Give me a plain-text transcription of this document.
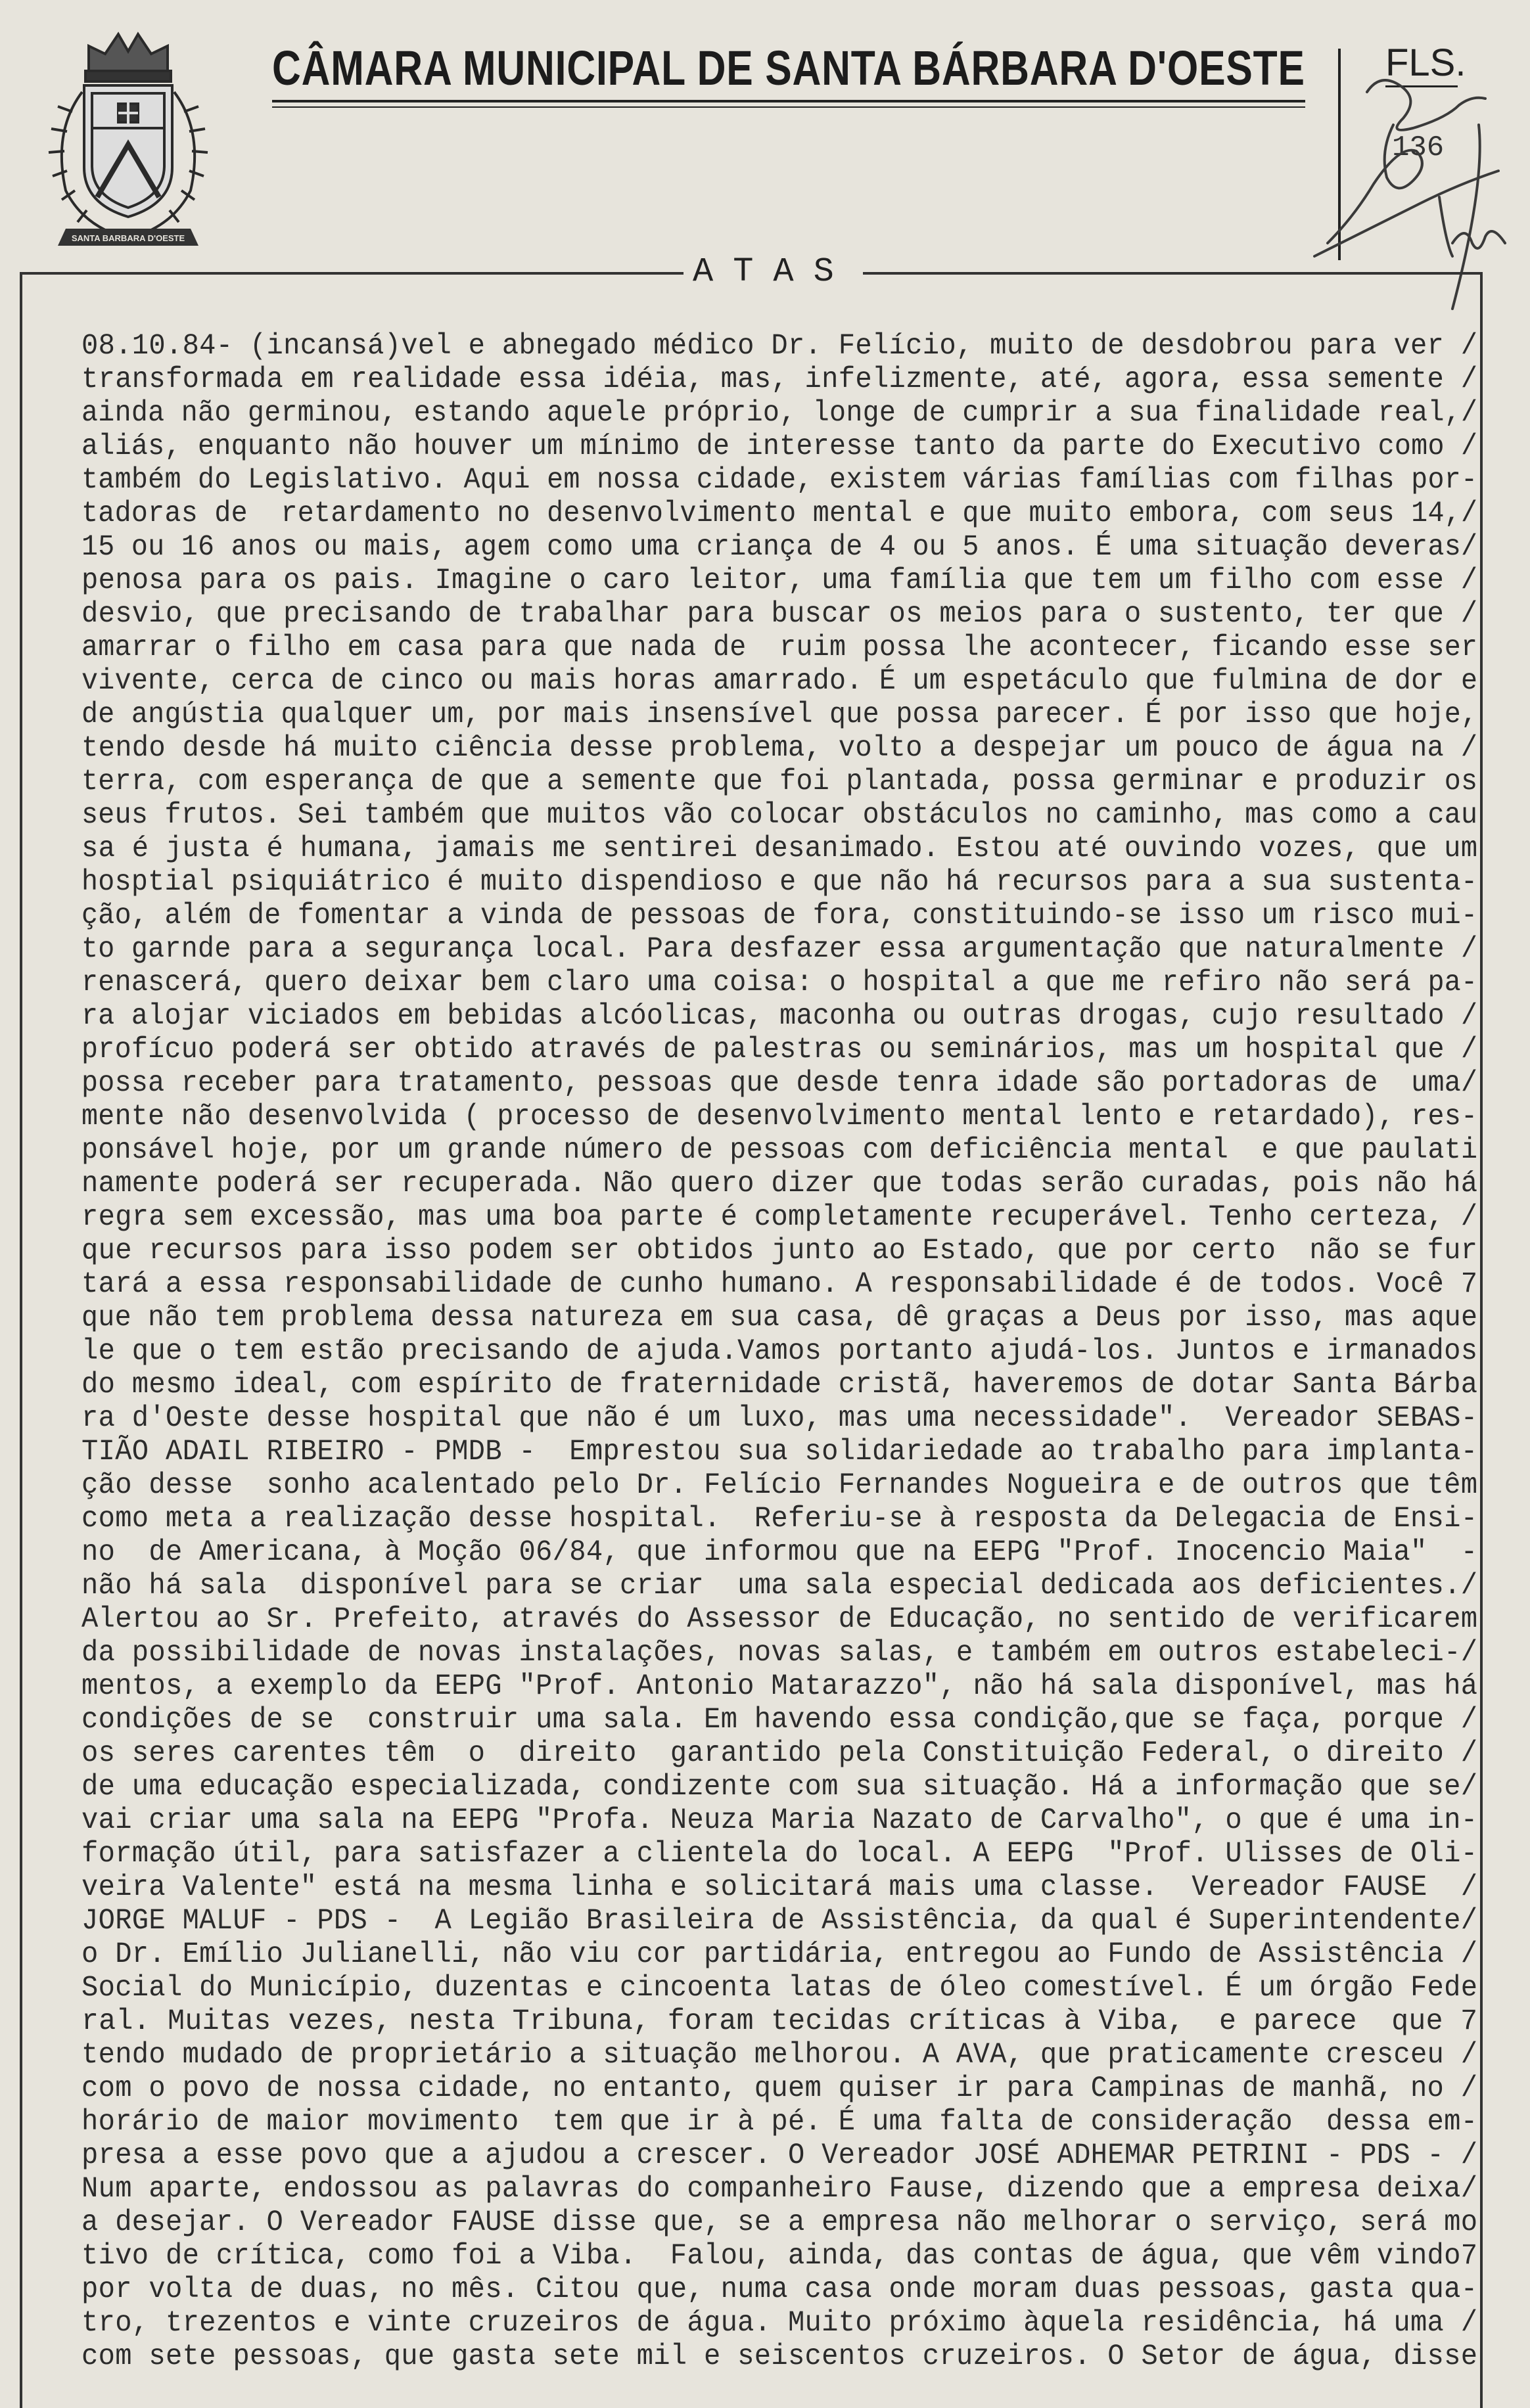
SANTA BARBARA D'OESTE
CÂMARA MUNICIPAL DE SANTA BÁRBARA D'OESTE FLS.
136
ATAS
08.10.84- (incansá)vel e abnegado médico Dr. Felício, muito de desdobrou para ver /
transformada em realidade essa idéia, mas, infelizmente, até, agora, essa semente /
ainda não germinou, estando aquele próprio, longe de cumprir a sua finalidade real,/
aliás, enquanto não houver um mínimo de interesse tanto da parte do Executivo como /
também do Legislativo. Aqui em nossa cidade, existem várias famílias com filhas por-
tadoras de  retardamento no desenvolvimento mental e que muito embora, com seus 14,/
15 ou 16 anos ou mais, agem como uma criança de 4 ou 5 anos. É uma situação deveras/
penosa para os pais. Imagine o caro leitor, uma família que tem um filho com esse /
desvio, que precisando de trabalhar para buscar os meios para o sustento, ter que /
amarrar o filho em casa para que nada de  ruim possa lhe acontecer, ficando esse ser
vivente, cerca de cinco ou mais horas amarrado. É um espetáculo que fulmina de dor e
de angústia qualquer um, por mais insensível que possa parecer. É por isso que hoje,
tendo desde há muito ciência desse problema, volto a despejar um pouco de água na /
terra, com esperança de que a semente que foi plantada, possa germinar e produzir os
seus frutos. Sei também que muitos vão colocar obstáculos no caminho, mas como a cau
sa é justa é humana, jamais me sentirei desanimado. Estou até ouvindo vozes, que um
hosptial psiquiátrico é muito dispendioso e que não há recursos para a sua sustenta-
ção, além de fomentar a vinda de pessoas de fora, constituindo-se isso um risco mui-
to garnde para a segurança local. Para desfazer essa argumentação que naturalmente /
renascerá, quero deixar bem claro uma coisa: o hospital a que me refiro não será pa-
ra alojar viciados em bebidas alcóolicas, maconha ou outras drogas, cujo resultado /
profícuo poderá ser obtido através de palestras ou seminários, mas um hospital que /
possa receber para tratamento, pessoas que desde tenra idade são portadoras de  uma/
mente não desenvolvida ( processo de desenvolvimento mental lento e retardado), res-
ponsável hoje, por um grande número de pessoas com deficiência mental  e que paulati
namente poderá ser recuperada. Não quero dizer que todas serão curadas, pois não há
regra sem excessão, mas uma boa parte é completamente recuperável. Tenho certeza, /
que recursos para isso podem ser obtidos junto ao Estado, que por certo  não se fur
tará a essa responsabilidade de cunho humano. A responsabilidade é de todos. Você 7
que não tem problema dessa natureza em sua casa, dê graças a Deus por isso, mas aque
le que o tem estão precisando de ajuda.Vamos portanto ajudá-los. Juntos e irmanados
do mesmo ideal, com espírito de fraternidade cristã, haveremos de dotar Santa Bárba
ra d'Oeste desse hospital que não é um luxo, mas uma necessidade".  Vereador SEBAS-
TIÃO ADAIL RIBEIRO - PMDB -  Emprestou sua solidariedade ao trabalho para implanta-
ção desse  sonho acalentado pelo Dr. Felício Fernandes Nogueira e de outros que têm
como meta a realização desse hospital.  Referiu-se à resposta da Delegacia de Ensi-
no  de Americana, à Moção 06/84, que informou que na EEPG "Prof. Inocencio Maia"  -
não há sala  disponível para se criar  uma sala especial dedicada aos deficientes./
Alertou ao Sr. Prefeito, através do Assessor de Educação, no sentido de verificarem
da possibilidade de novas instalações, novas salas, e também em outros estabeleci-/
mentos, a exemplo da EEPG "Prof. Antonio Matarazzo", não há sala disponível, mas há
condições de se  construir uma sala. Em havendo essa condição,que se faça, porque /
os seres carentes têm  o  direito  garantido pela Constituição Federal, o direito /
de uma educação especializada, condizente com sua situação. Há a informação que se/
vai criar uma sala na EEPG "Profa. Neuza Maria Nazato de Carvalho", o que é uma in-
formação útil, para satisfazer a clientela do local. A EEPG  "Prof. Ulisses de Oli-
veira Valente" está na mesma linha e solicitará mais uma classe.  Vereador FAUSE  /
JORGE MALUF - PDS -  A Legião Brasileira de Assistência, da qual é Superintendente/
o Dr. Emílio Julianelli, não viu cor partidária, entregou ao Fundo de Assistência /
Social do Município, duzentas e cincoenta latas de óleo comestível. É um órgão Fede
ral. Muitas vezes, nesta Tribuna, foram tecidas críticas à Viba,  e parece  que 7
tendo mudado de proprietário a situação melhorou. A AVA, que praticamente cresceu /
com o povo de nossa cidade, no entanto, quem quiser ir para Campinas de manhã, no /
horário de maior movimento  tem que ir à pé. É uma falta de consideração  dessa em-
presa a esse povo que a ajudou a crescer. O Vereador JOSÉ ADHEMAR PETRINI - PDS - /
Num aparte, endossou as palavras do companheiro Fause, dizendo que a empresa deixa/
a desejar. O Vereador FAUSE disse que, se a empresa não melhorar o serviço, será mo
tivo de crítica, como foi a Viba.  Falou, ainda, das contas de água, que vêm vindo7
por volta de duas, no mês. Citou que, numa casa onde moram duas pessoas, gasta qua-
tro, trezentos e vinte cruzeiros de água. Muito próximo àquela residência, há uma /
com sete pessoas, que gasta sete mil e seiscentos cruzeiros. O Setor de água, disse
